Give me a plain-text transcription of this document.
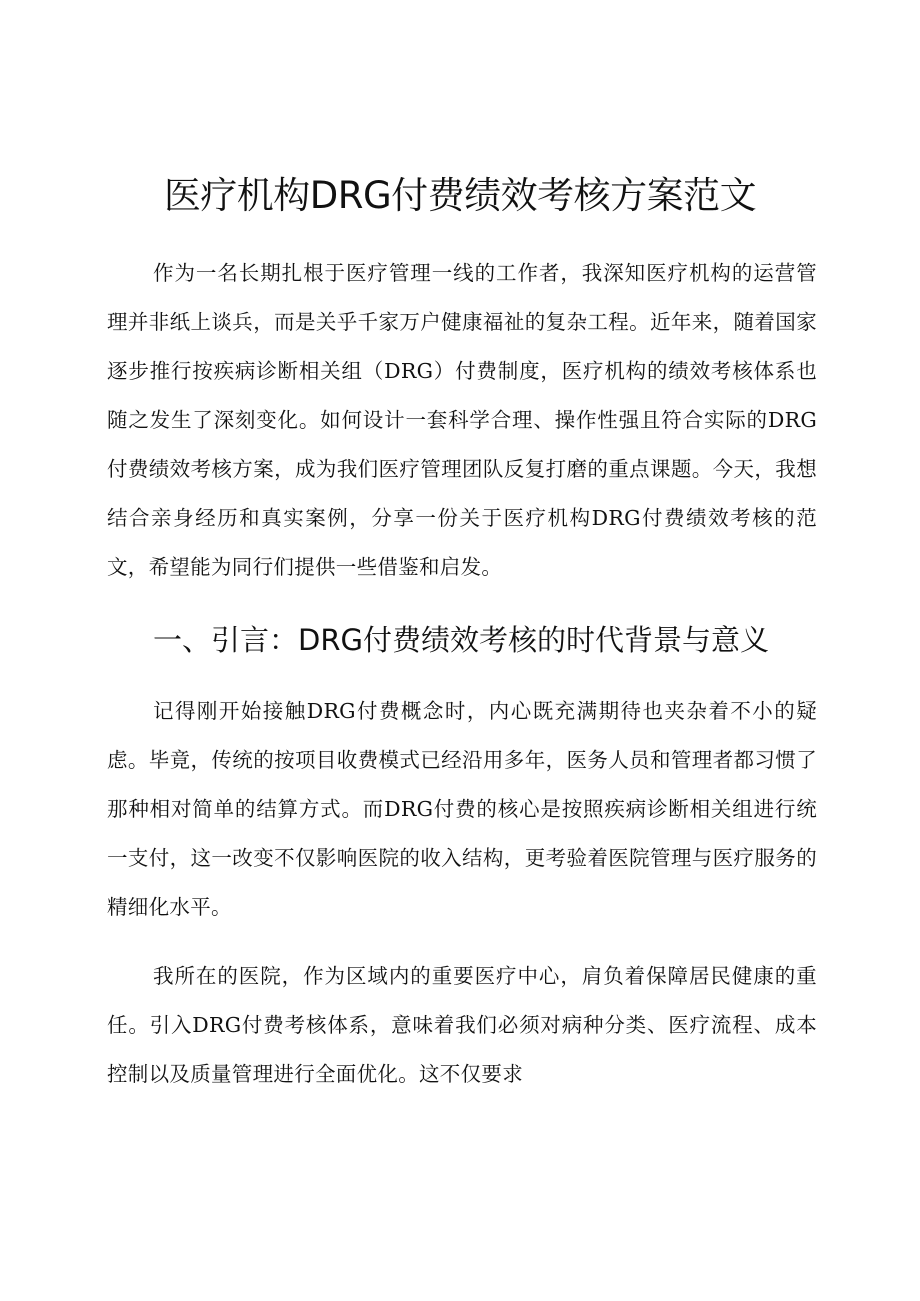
医疗机构DRG付费绩效考核方案范文

作为一名长期扎根于医疗管理一线的工作者，我深知医疗机构的运营管理并非纸上谈兵，而是关乎千家万户健康福祉的复杂工程。近年来，随着国家逐步推行按疾病诊断相关组（DRG）付费制度，医疗机构的绩效考核体系也随之发生了深刻变化。如何设计一套科学合理、操作性强且符合实际的DRG付费绩效考核方案，成为我们医疗管理团队反复打磨的重点课题。今天，我想结合亲身经历和真实案例，分享一份关于医疗机构DRG付费绩效考核的范文，希望能为同行们提供一些借鉴和启发。

一、引言：DRG付费绩效考核的时代背景与意义

记得刚开始接触DRG付费概念时，内心既充满期待也夹杂着不小的疑虑。毕竟，传统的按项目收费模式已经沿用多年，医务人员和管理者都习惯了那种相对简单的结算方式。而DRG付费的核心是按照疾病诊断相关组进行统一支付，这一改变不仅影响医院的收入结构，更考验着医院管理与医疗服务的精细化水平。

我所在的医院，作为区域内的重要医疗中心，肩负着保障居民健康的重任。引入DRG付费考核体系，意味着我们必须对病种分类、医疗流程、成本控制以及质量管理进行全面优化。这不仅要求
